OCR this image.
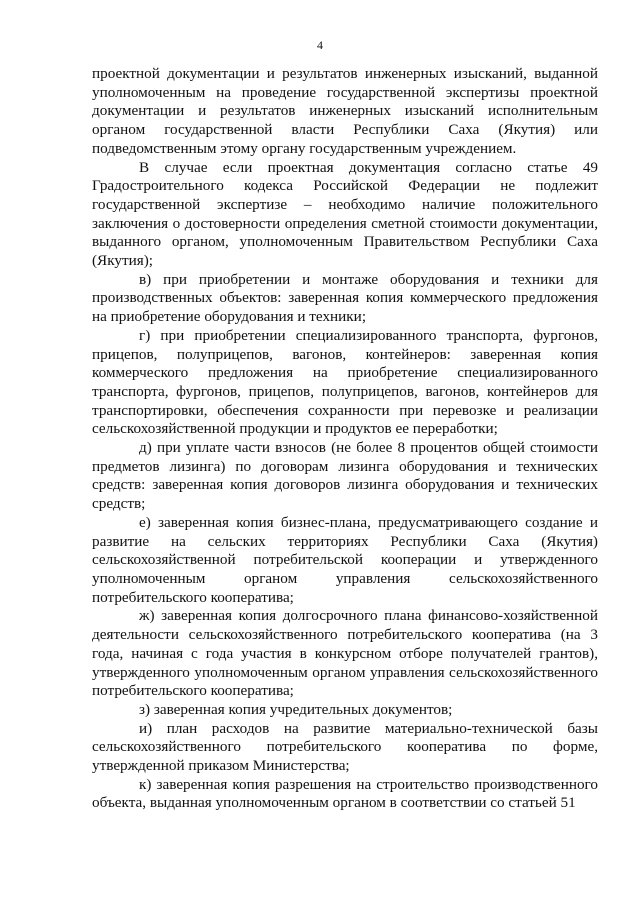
4

проектной документации и результатов инженерных изысканий, выданной уполномоченным на проведение государственной экспертизы проектной документации и результатов инженерных изысканий исполнительным органом государственной власти Республики Саха (Якутия) или подведомственным этому органу государственным учреждением.

В случае если проектная документация согласно статье 49 Градостроительного кодекса Российской Федерации не подлежит государственной экспертизе – необходимо наличие положительного заключения о достоверности определения сметной стоимости документации, выданного органом, уполномоченным Правительством Республики Саха (Якутия);

в) при приобретении и монтаже оборудования и техники для производственных объектов: заверенная копия коммерческого предложения на приобретение оборудования и техники;

г) при приобретении специализированного транспорта, фургонов, прицепов, полуприцепов, вагонов, контейнеров: заверенная копия коммерческого предложения на приобретение специализированного транспорта, фургонов, прицепов, полуприцепов, вагонов, контейнеров для транспортировки, обеспечения сохранности при перевозке и реализации сельскохозяйственной продукции и продуктов ее переработки;

д) при уплате части взносов (не более 8 процентов общей стоимости предметов лизинга) по договорам лизинга оборудования и технических средств: заверенная копия договоров лизинга оборудования и технических средств;

е) заверенная копия бизнес-плана, предусматривающего создание и развитие на сельских территориях Республики Саха (Якутия) сельскохозяйственной потребительской кооперации и утвержденного уполномоченным органом управления сельскохозяйственного потребительского кооператива;

ж) заверенная копия долгосрочного плана финансово-хозяйственной деятельности сельскохозяйственного потребительского кооператива (на 3 года, начиная с года участия в конкурсном отборе получателей грантов), утвержденного уполномоченным органом управления сельскохозяйственного потребительского кооператива;

з) заверенная копия учредительных документов;

и) план расходов на развитие материально-технической базы сельскохозяйственного потребительского кооператива по форме, утвержденной приказом Министерства;

к) заверенная копия разрешения на строительство производственного объекта, выданная уполномоченным органом в соответствии со статьей 51
